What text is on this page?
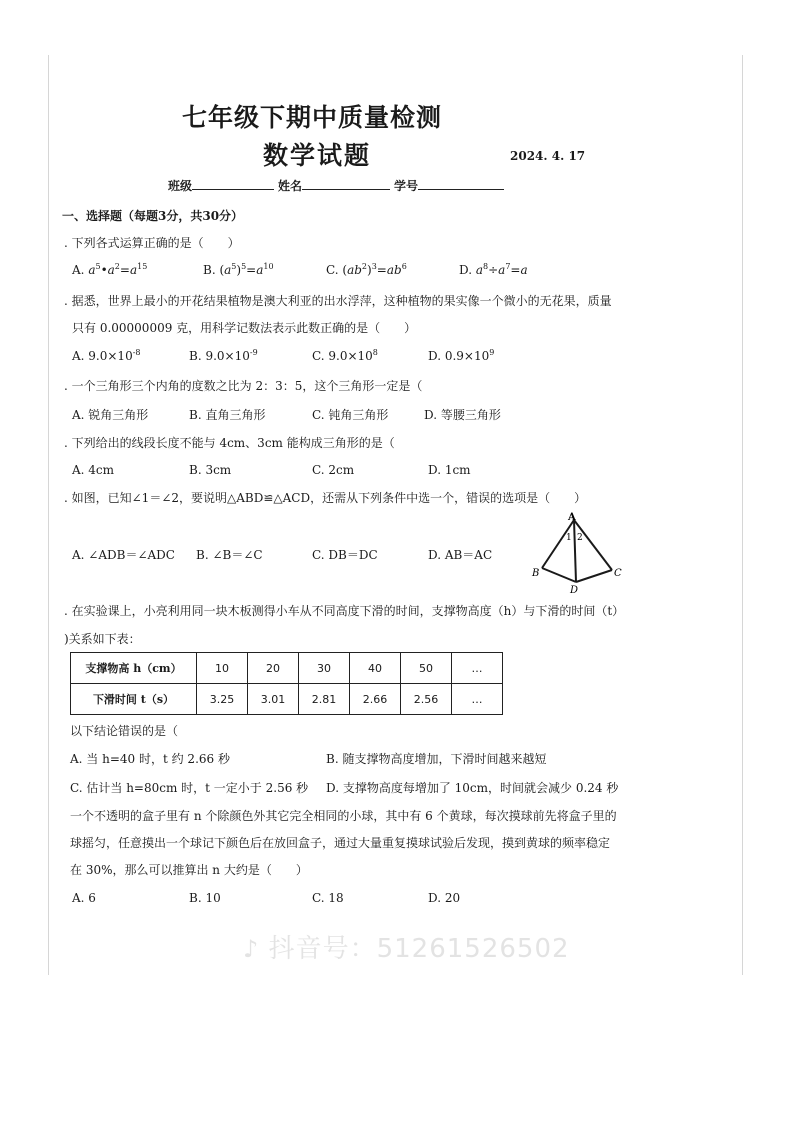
七年级下期中质量检测
数学试题	2024. 4. 17
班级	姓名	学号
一、选择题（每题3分，共30分）
. 下列各式运算正确的是（　　）
A. $a^5•a^2=a^{15}$	B. $(a^5)^5=a^{10}$	C. $(ab^2)^3=ab^6$	D. $a^8\div a^7=a$
. 据悉，世界上最小的开花结果植物是澳大利亚的出水浮萍，这种植物的果实像一个微小的无花果，质量
只有 0.00000009 克，用科学记数法表示此数正确的是（　　）
A. $9.0\times 10^{-8}$	B. $9.0\times 10^{-9}$	C. $9.0\times 10^8$	D. $0.9\times 10^9$
. 一个三角形三个内角的度数之比为 2：3：5，这个三角形一定是（
A. 锐角三角形	B. 直角三角形	C. 钝角三角形	D. 等腰三角形
. 下列给出的线段长度不能与 4cm、3cm 能构成三角形的是（
A. 4cm	B. 3cm	C. 2cm	D. 1cm
. 如图，已知∠1＝∠2，要说明△ABD≌△ACD，还需从下列条件中选一个，错误的选项是（　　）
A. ∠ADB＝∠ADC B. ∠B＝∠C	C. DB＝DC	D. AB＝AC
A
1 2
B	C
D
. 在实验课上，小亮利用同一块木板测得小车从不同高度下滑的时间，支撑物高度（h）与下滑的时间（t）
)关系如下表：
支撑物高 h（cm）	10	20	30	40	50	…
下滑时间 t（s）	3.25	3.01	2.81	2.66	2.56	…
以下结论错误的是（
A. 当 h=40 时，t 约 2.66 秒	B. 随支撑物高度增加，下滑时间越来越短
C. 估计当 h=80cm 时，t 一定小于 2.56 秒 D. 支撑物高度每增加了 10cm，时间就会减少 0.24 秒
一个不透明的盒子里有 n 个除颜色外其它完全相同的小球，其中有 6 个黄球，每次摸球前先将盒子里的
球摇匀，任意摸出一个球记下颜色后在放回盒子，通过大量重复摸球试验后发现，摸到黄球的频率稳定
在 30%，那么可以推算出 n 大约是（　　）
A. 6	B. 10	C. 18	D. 20
♪ 抖音号：51261526502
